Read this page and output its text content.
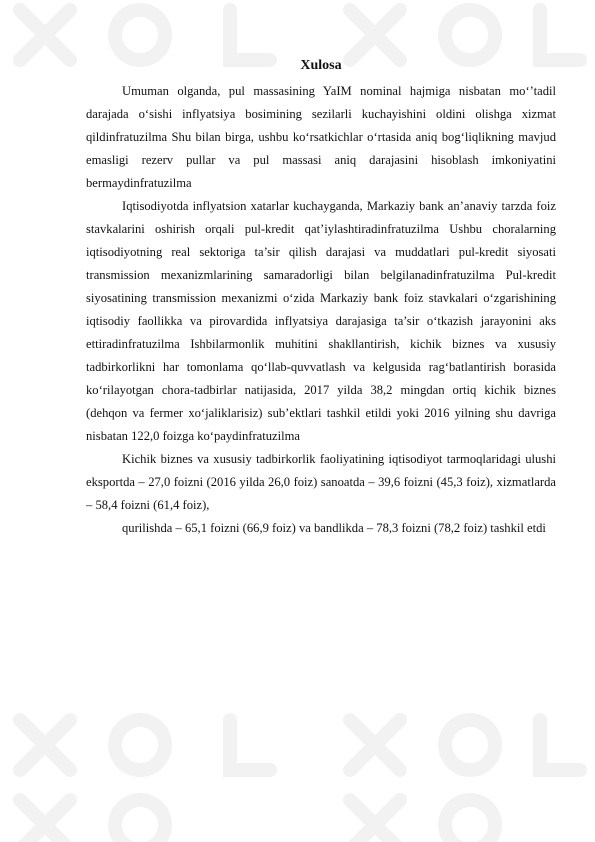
Xulosa

Umuman olganda, pul massasining YaIM nominal hajmiga nisbatan mo‘’tadil darajada o‘sishi inflyatsiya bosimining sezilarli kuchayishini oldini olishga xizmat qildinfratuzilma Shu bilan birga, ushbu ko‘rsatkichlar o‘rtasida aniq bog‘liqlikning mavjud emasligi rezerv pullar va pul massasi aniq darajasini hisoblash imkoniyatini bermaydinfratuzilma

Iqtisodiyotda inflyatsion xatarlar kuchayganda, Markaziy bank an’anaviy tarzda foiz stavkalarini oshirish orqali pul-kredit qat’iylashtiradinfratuzilma Ushbu choralarning iqtisodiyotning real sektoriga ta’sir qilish darajasi va muddatlari pul-kredit siyosati transmission mexanizmlarining samaradorligi bilan belgilanadinfratuzilma Pul-kredit siyosatining transmission mexanizmi o‘zida Markaziy bank foiz stavkalari o‘zgarishining iqtisodiy faollikka va pirovardida inflyatsiya darajasiga ta’sir o‘tkazish jarayonini aks ettiradinfratuzilma Ishbilarmonlik muhitini shakllantirish, kichik biznes va xususiy tadbirkorlikni har tomonlama qo‘llab-quvvatlash va kelgusida rag‘batlantirish borasida ko‘rilayotgan chora-tadbirlar natijasida, 2017 yilda 38,2 mingdan ortiq kichik biznes (dehqon va fermer xo‘jaliklarisiz) sub’ektlari tashkil etildi yoki 2016 yilning shu davriga nisbatan 122,0 foizga ko‘paydinfratuzilma

Kichik biznes va xususiy tadbirkorlik faoliyatining iqtisodiyot tarmoqlaridagi ulushi eksportda – 27,0 foizni (2016 yilda 26,0 foiz) sanoatda – 39,6 foizni (45,3 foiz), xizmatlarda – 58,4 foizni (61,4 foiz),

qurilishda – 65,1 foizni (66,9 foiz) va bandlikda – 78,3 foizni (78,2 foiz) tashkil etdi
